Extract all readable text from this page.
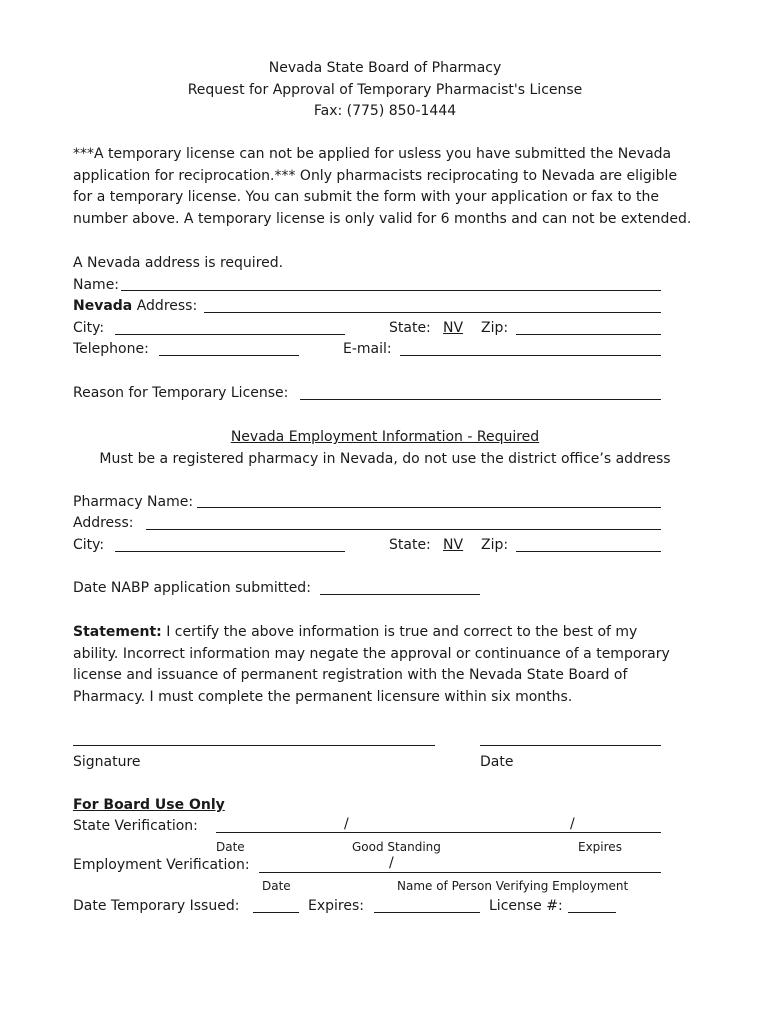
Nevada State Board of Pharmacy
Request for Approval of Temporary Pharmacist's License
Fax: (775) 850-1444
***A temporary license can not be applied for usless you have submitted the Nevada
application for reciprocation.*** Only pharmacists reciprocating to Nevada are eligible
for a temporary license. You can submit the form with your application or fax to the
number above. A temporary license is only valid for 6 months and can not be extended.
A Nevada address is required.
Name:
Nevada Address:
City:	State: NV Zip:
Telephone:	E-mail:
Reason for Temporary License:
Nevada Employment Information - Required
Must be a registered pharmacy in Nevada, do not use the district office’s address
Pharmacy Name:
Address:
City:	State: NV Zip:
Date NABP application submitted:
Statement: I certify the above information is true and correct to the best of my
ability. Incorrect information may negate the approval or continuance of a temporary
license and issuance of permanent registration with the Nevada State Board of
Pharmacy. I must complete the permanent licensure within six months.
Signature	Date
For Board Use Only
State Verification:	/	/
Date	Good Standing	Expires
Employment Verification:	/
Date	Name of Person Verifying Employment
Date Temporary Issued:	Expires:	License #:
